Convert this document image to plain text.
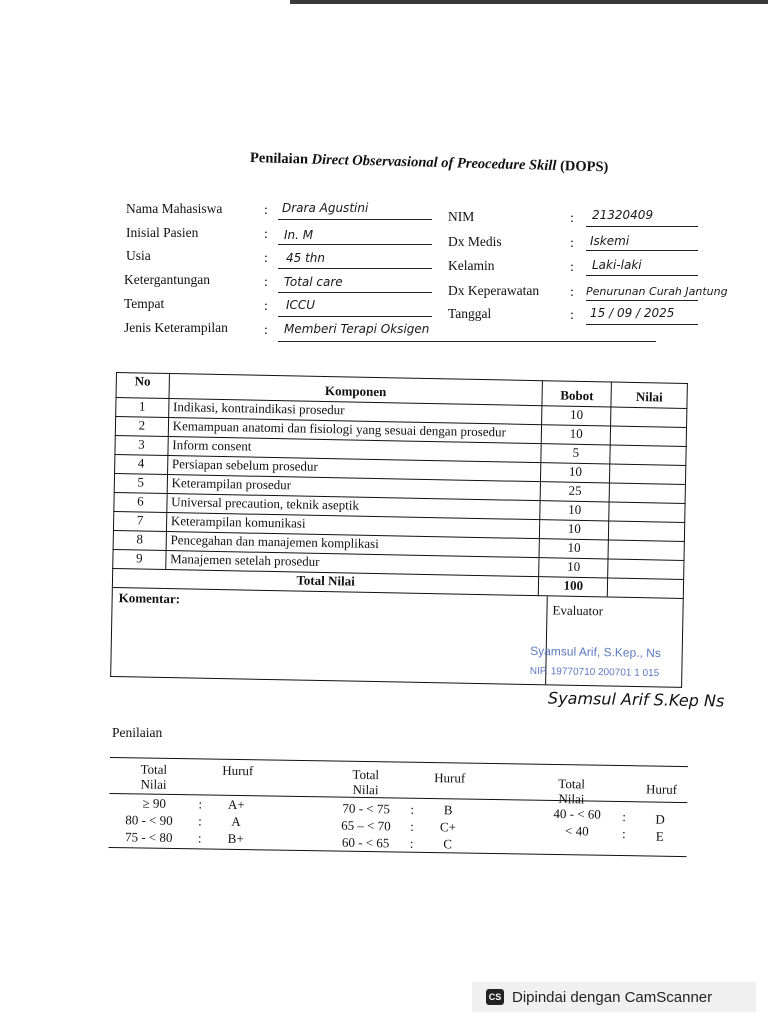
Penilaian Direct Observasional of Preocedure Skill (DOPS)
Nama Mahasiswa	: Drara Agustini
Inisial Pasien	: In. M
Usia	: 45 thn
Ketergantungan	: Total care
Tempat	: ICCU
Jenis Keterampilan	: Memberi Terapi Oksigen
NIM	: 21320409
Dx Medis	: Iskemi
Kelamin	: Laki-laki
Dx Keperawatan : Penurunan Curah Jantung
Tanggal	: 15 / 09 / 2025
No	Komponen	Bobot	Nilai
1	Indikasi, kontraindikasi prosedur	10	
2	Kemampuan anatomi dan fisiologi yang sesuai dengan prosedur	10	
3	Inform consent	5	
4	Persiapan sebelum prosedur	10	
5	Keterampilan prosedur	25	
6	Universal precaution, teknik aseptik	10	
7	Keterampilan komunikasi	10	
8	Pencegahan dan manajemen komplikasi	10	
9	Manajemen setelah prosedur	10	
Total Nilai		100	
Komentar:
Evaluator
Syamsul Arif, S.Kep., Ns
NIP. 19770710 200701 1 015
Syamsul Arif S.Kep Ns
Penilaian
Total
Nilai
Huruf	Total
Nilai
Huruf	Total
Nilai
Huruf
≥ 90	:	A+
80 - < 90	:	A
75 - < 80	:	B+
70 - < 75	:	B
65 – < 70	:	C+
60 - < 65	:	C
40 - < 60	:	D
< 40	:	E
CS Dipindai dengan CamScanner
